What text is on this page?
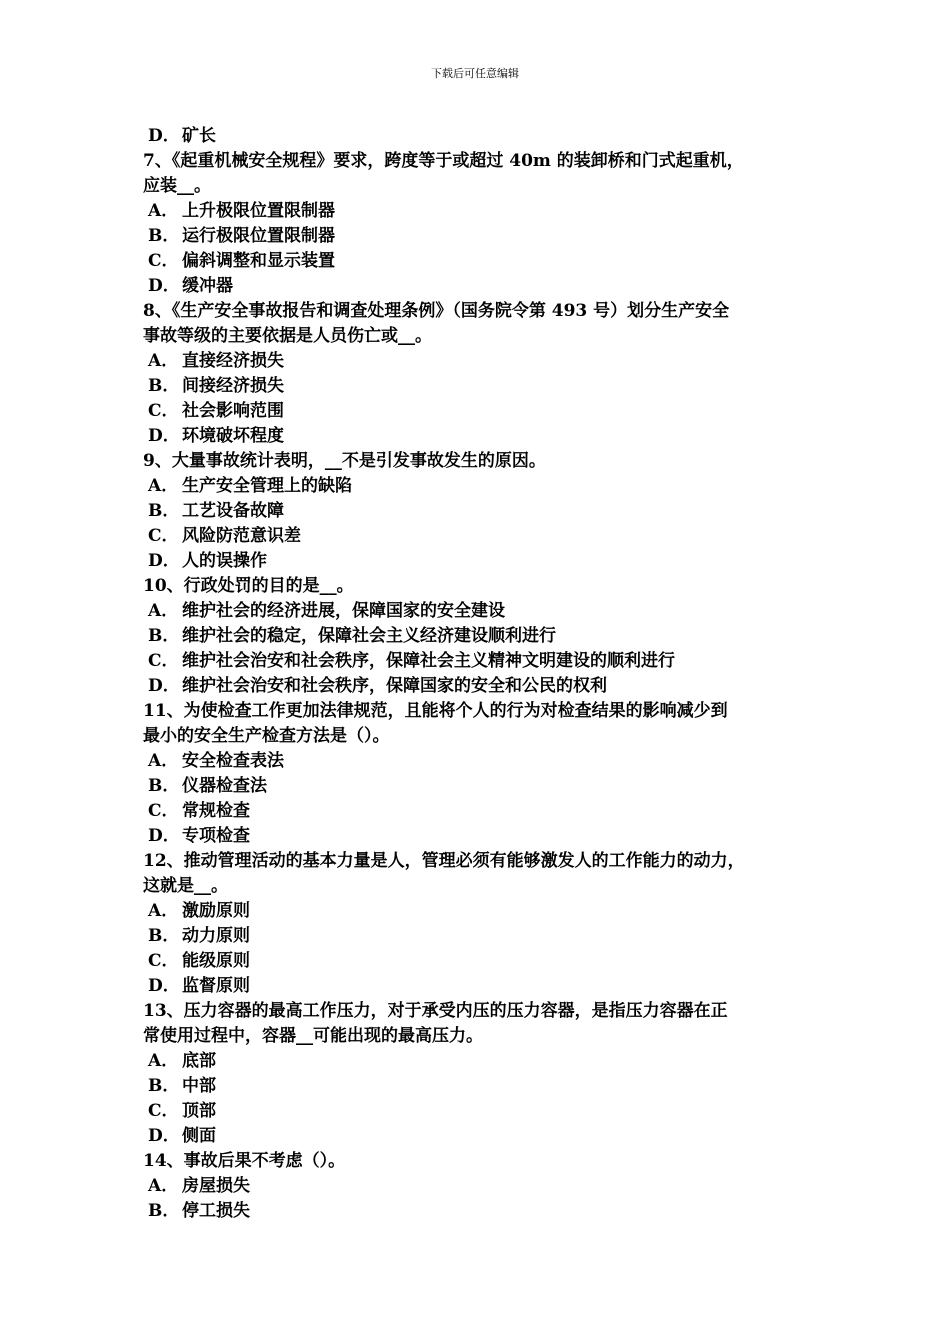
下载后可任意编辑
D． 矿长
7、《起重机械安全规程》要求，跨度等于或超过 40m 的装卸桥和门式起重机，
应装__。
A． 上升极限位置限制器
B． 运行极限位置限制器
C． 偏斜调整和显示装置
D． 缓冲器
8、《生产安全事故报告和调查处理条例》（国务院令第 493 号）划分生产安全
事故等级的主要依据是人员伤亡或__。
A． 直接经济损失
B． 间接经济损失
C． 社会影响范围
D． 环境破坏程度
9、大量事故统计表明，__不是引发事故发生的原因。
A． 生产安全管理上的缺陷
B． 工艺设备故障
C． 风险防范意识差
D． 人的误操作
10、行政处罚的目的是__。
A． 维护社会的经济进展，保障国家的安全建设
B． 维护社会的稳定，保障社会主义经济建设顺利进行
C． 维护社会治安和社会秩序，保障社会主义精神文明建设的顺利进行
D． 维护社会治安和社会秩序，保障国家的安全和公民的权利
11、为使检查工作更加法律规范，且能将个人的行为对检查结果的影响减少到
最小的安全生产检查方法是（）。
A． 安全检查表法
B． 仪器检查法
C． 常规检查
D． 专项检查
12、推动管理活动的基本力量是人，管理必须有能够激发人的工作能力的动力，
这就是__。
A． 激励原则
B． 动力原则
C． 能级原则
D． 监督原则
13、压力容器的最高工作压力，对于承受内压的压力容器，是指压力容器在正
常使用过程中，容器__可能出现的最高压力。
A． 底部
B． 中部
C． 顶部
D． 侧面
14、事故后果不考虑（）。
A． 房屋损失
B． 停工损失
